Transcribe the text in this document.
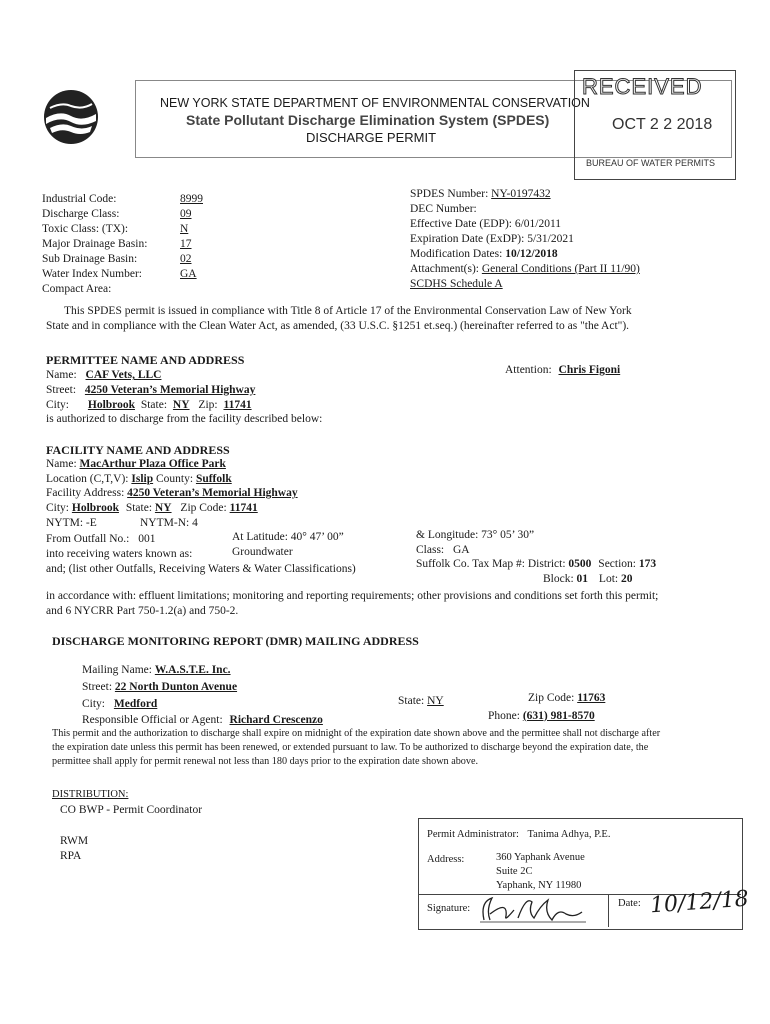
NEW YORK STATE DEPARTMENT OF ENVIRONMENTAL CONSERVATION
State Pollutant Discharge Elimination System (SPDES)
DISCHARGE PERMIT
RECEIVED
OCT 2 2 2018
BUREAU OF WATER PERMITS
Industrial Code:	8999
Discharge Class:	09
Toxic Class: (TX):	N
Major Drainage Basin:	17
Sub Drainage Basin:	02
Water Index Number:	GA
Compact Area:
SPDES Number: NY-0197432
DEC Number:
Effective Date (EDP): 6/01/2011
Expiration Date (ExDP): 5/31/2021
Modification Dates: 10/12/2018
Attachment(s): General Conditions (Part II 11/90)
SCDHS Schedule A
This SPDES permit is issued in compliance with Title 8 of Article 17 of the Environmental Conservation Law of New York
State and in compliance with the Clean Water Act, as amended, (33 U.S.C. §1251 et.seq.) (hereinafter referred to as "the Act").
PERMITTEE NAME AND ADDRESS
Name: CAF Vets, LLC	Attention: Chris Figoni
Street: 4250 Veteran’s Memorial Highway
City: Holbrook State: NY Zip: 11741
is authorized to discharge from the facility described below:
FACILITY NAME AND ADDRESS
Name: MacArthur Plaza Office Park
Location (C,T,V): Islip County: Suffolk
Facility Address: 4250 Veteran’s Memorial Highway
City: Holbrook State: NY Zip Code: 11741
NYTM: -E	NYTM-N: 4
From Outfall No.: 001	At Latitude: 40° 47’ 00”	& Longitude: 73° 05’ 30”
into receiving waters known as:	Groundwater	Class: GA
and; (list other Outfalls, Receiving Waters & Water Classifications)	Suffolk Co. Tax Map #: District: 0500 Section: 173
Block: 01 Lot: 20
in accordance with: effluent limitations; monitoring and reporting requirements; other provisions and conditions set forth this permit;
and 6 NYCRR Part 750-1.2(a) and 750-2.
DISCHARGE MONITORING REPORT (DMR) MAILING ADDRESS
Mailing Name: W.A.S.T.E. Inc.
Street: 22 North Dunton Avenue
City: Medford	State: NY	Zip Code: 11763
Responsible Official or Agent: Richard Crescenzo	Phone: (631) 981-8570
This permit and the authorization to discharge shall expire on midnight of the expiration date shown above and the permittee shall not discharge after
the expiration date unless this permit has been renewed, or extended pursuant to law. To be authorized to discharge beyond the expiration date, the
permittee shall apply for permit renewal not less than 180 days prior to the expiration date shown above.
DISTRIBUTION:
CO BWP - Permit Coordinator
RWM
RPA
Permit Administrator: Tanima Adhya, P.E.
Address:	360 Yaphank Avenue
Suite 2C
Yaphank, NY 11980
Signature:	Date: 10/12/18
